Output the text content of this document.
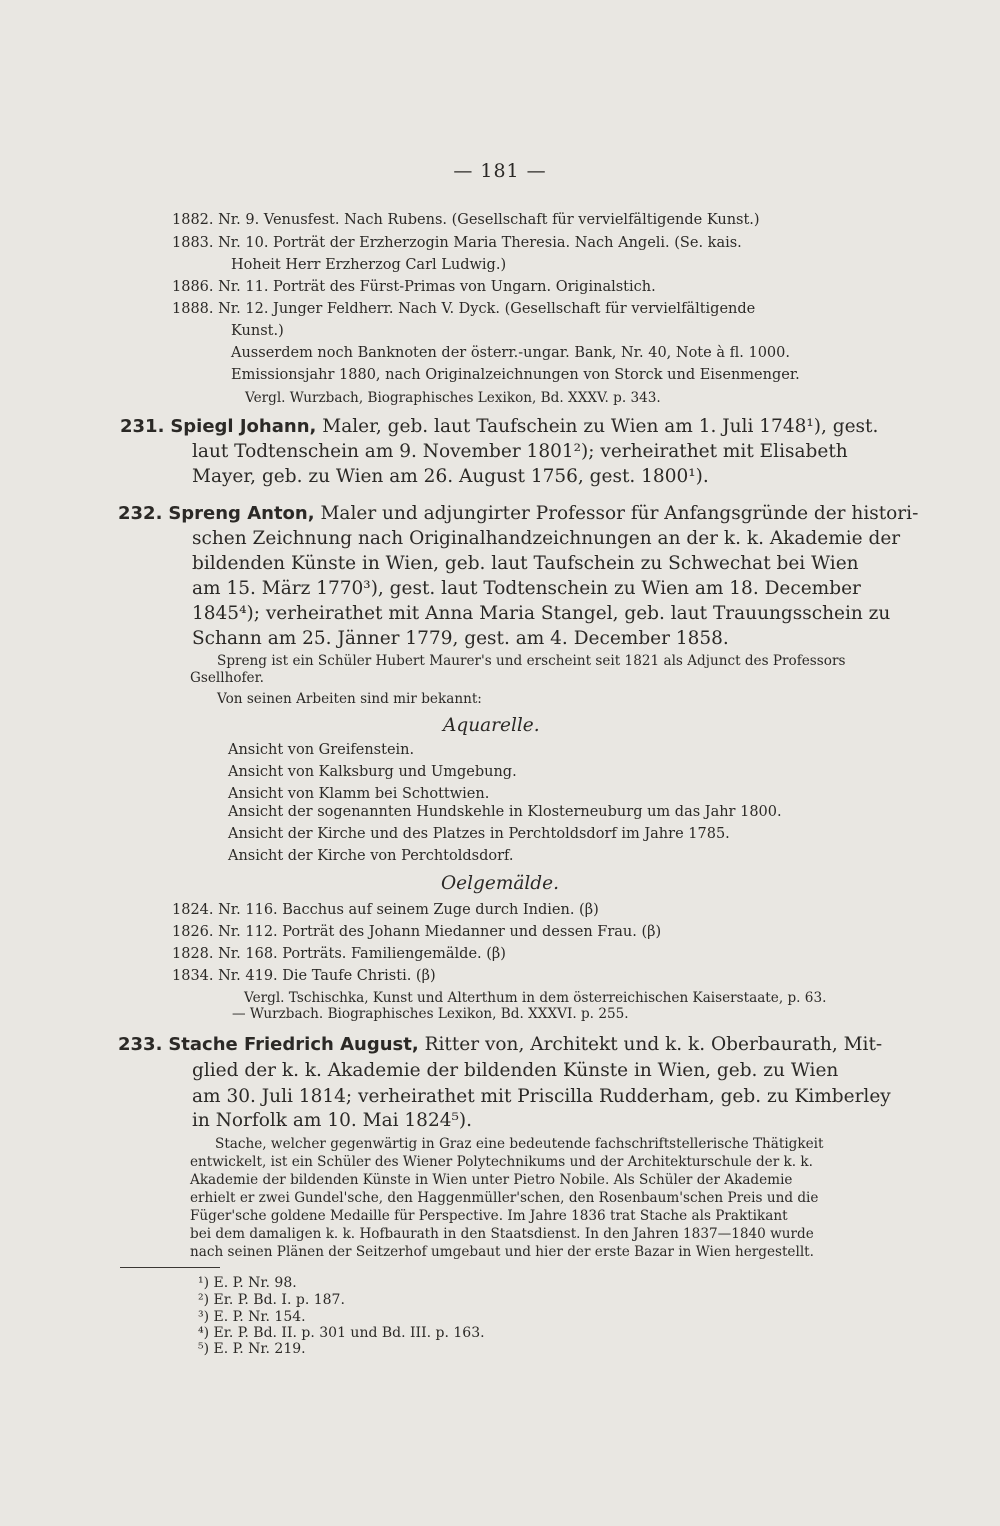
— 181 —
1882. Nr. 9. Venusfest. Nach Rubens. (Gesellschaft für vervielfältigende Kunst.)
1883. Nr. 10. Porträt der Erzherzogin Maria Theresia. Nach Angeli. (Se. kais.
Hoheit Herr Erzherzog Carl Ludwig.)
1886. Nr. 11. Porträt des Fürst-Primas von Ungarn. Originalstich.
1888. Nr. 12. Junger Feldherr. Nach V. Dyck. (Gesellschaft für vervielfältigende
Kunst.)
Ausserdem noch Banknoten der österr.-ungar. Bank, Nr. 40, Note à fl. 1000.
Emissionsjahr 1880, nach Originalzeichnungen von Storck und Eisenmenger.
Vergl. Wurzbach, Biographisches Lexikon, Bd. XXXV. p. 343.
231. Spiegl Johann, Maler, geb. laut Taufschein zu Wien am 1. Juli 1748¹), gest.
laut Todtenschein am 9. November 1801²); verheirathet mit Elisabeth
Mayer, geb. zu Wien am 26. August 1756, gest. 1800¹).
232. Spreng Anton, Maler und adjungirter Professor für Anfangsgründe der histori-
schen Zeichnung nach Originalhandzeichnungen an der k. k. Akademie der
bildenden Künste in Wien, geb. laut Taufschein zu Schwechat bei Wien
am 15. März 1770³), gest. laut Todtenschein zu Wien am 18. December
1845⁴); verheirathet mit Anna Maria Stangel, geb. laut Trauungsschein zu
Schann am 25. Jänner 1779, gest. am 4. December 1858.
Spreng ist ein Schüler Hubert Maurer's und erscheint seit 1821 als Adjunct des Professors
Gsellhofer.
Von seinen Arbeiten sind mir bekannt:
Aquarelle.
Ansicht von Greifenstein.
Ansicht von Kalksburg und Umgebung.
Ansicht von Klamm bei Schottwien.
Ansicht der sogenannten Hundskehle in Klosterneuburg um das Jahr 1800.
Ansicht der Kirche und des Platzes in Perchtoldsdorf im Jahre 1785.
Ansicht der Kirche von Perchtoldsdorf.
Oelgemälde.
1824. Nr. 116. Bacchus auf seinem Zuge durch Indien. (β)
1826. Nr. 112. Porträt des Johann Miedanner und dessen Frau. (β)
1828. Nr. 168. Porträts. Familiengemälde. (β)
1834. Nr. 419. Die Taufe Christi. (β)
Vergl. Tschischka, Kunst und Alterthum in dem österreichischen Kaiserstaate, p. 63.
— Wurzbach. Biographisches Lexikon, Bd. XXXVI. p. 255.
233. Stache Friedrich August, Ritter von, Architekt und k. k. Oberbaurath, Mit-
glied der k. k. Akademie der bildenden Künste in Wien, geb. zu Wien
am 30. Juli 1814; verheirathet mit Priscilla Rudderham, geb. zu Kimberley
in Norfolk am 10. Mai 1824⁵).
Stache, welcher gegenwärtig in Graz eine bedeutende fachschriftstellerische Thätigkeit
entwickelt, ist ein Schüler des Wiener Polytechnikums und der Architekturschule der k. k.
Akademie der bildenden Künste in Wien unter Pietro Nobile. Als Schüler der Akademie
erhielt er zwei Gundel'sche, den Haggenmüller'schen, den Rosenbaum'schen Preis und die
Füger'sche goldene Medaille für Perspective. Im Jahre 1836 trat Stache als Praktikant
bei dem damaligen k. k. Hofbaurath in den Staatsdienst. In den Jahren 1837—1840 wurde
nach seinen Plänen der Seitzerhof umgebaut und hier der erste Bazar in Wien hergestellt.
¹) E. P. Nr. 98.
²) Er. P. Bd. I. p. 187.
³) E. P. Nr. 154.
⁴) Er. P. Bd. II. p. 301 und Bd. III. p. 163.
⁵) E. P. Nr. 219.
